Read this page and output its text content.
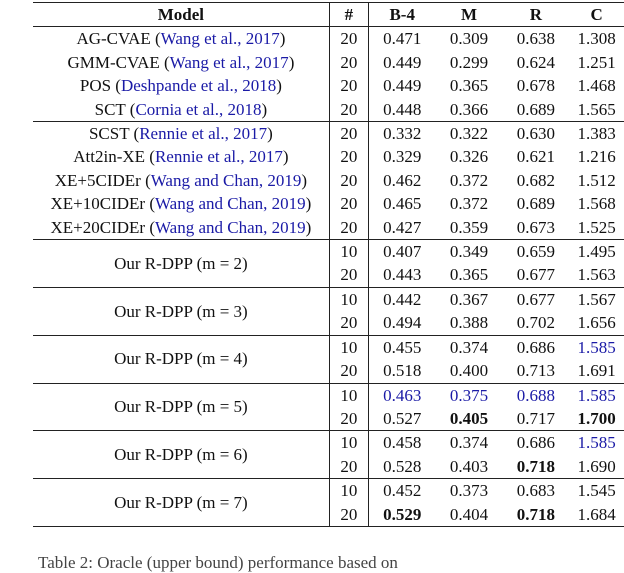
Model	#	B-4	M	R	C
AG-CVAE (Wang et al., 2017)	20	0.471	0.309	0.638	1.308
GMM-CVAE (Wang et al., 2017)	20	0.449	0.299	0.624	1.251
POS (Deshpande et al., 2018)	20	0.449	0.365	0.678	1.468
SCT (Cornia et al., 2018)	20	0.448	0.366	0.689	1.565
SCST (Rennie et al., 2017)	20	0.332	0.322	0.630	1.383
Att2in-XE (Rennie et al., 2017)	20	0.329	0.326	0.621	1.216
XE+5CIDEr (Wang and Chan, 2019)	20	0.462	0.372	0.682	1.512
XE+10CIDEr (Wang and Chan, 2019)	20	0.465	0.372	0.689	1.568
XE+20CIDEr (Wang and Chan, 2019)	20	0.427	0.359	0.673	1.525
Our R-DPP (m = 2)	10	0.407	0.349	0.659	1.495
	20	0.443	0.365	0.677	1.563
Our R-DPP (m = 3)	10	0.442	0.367	0.677	1.567
	20	0.494	0.388	0.702	1.656
Our R-DPP (m = 4)	10	0.455	0.374	0.686	1.585
	20	0.518	0.400	0.713	1.691
Our R-DPP (m = 5)	10	0.463	0.375	0.688	1.585
	20	0.527	0.405	0.717	1.700
Our R-DPP (m = 6)	10	0.458	0.374	0.686	1.585
	20	0.528	0.403	0.718	1.690
Our R-DPP (m = 7)	10	0.452	0.373	0.683	1.545
	20	0.529	0.404	0.718	1.684
Table 2: Oracle (upper bound) performance based on
